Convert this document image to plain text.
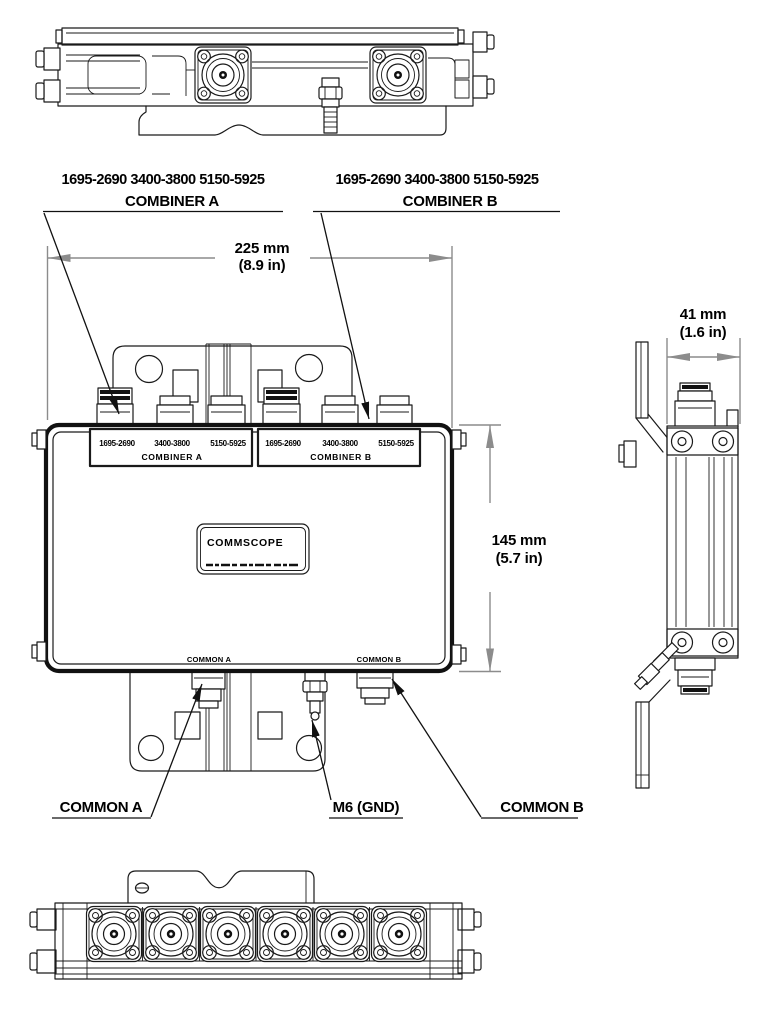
1695-2690 3400-3800	5150-5925
COMBINER A
1695-2690	3400-3800	5150-5925
COMBINER B
COMMSCOPE
COMMON A	COMMON B
225 mm
(8.9 in)
145 mm
(5.7 in)
41 mm
(1.6 in)
1695-2690 3400-3800 5150-5925
COMBINER A
1695-2690 3400-3800 5150-5925
COMBINER B
COMMON A	M6 (GND)	COMMON B
